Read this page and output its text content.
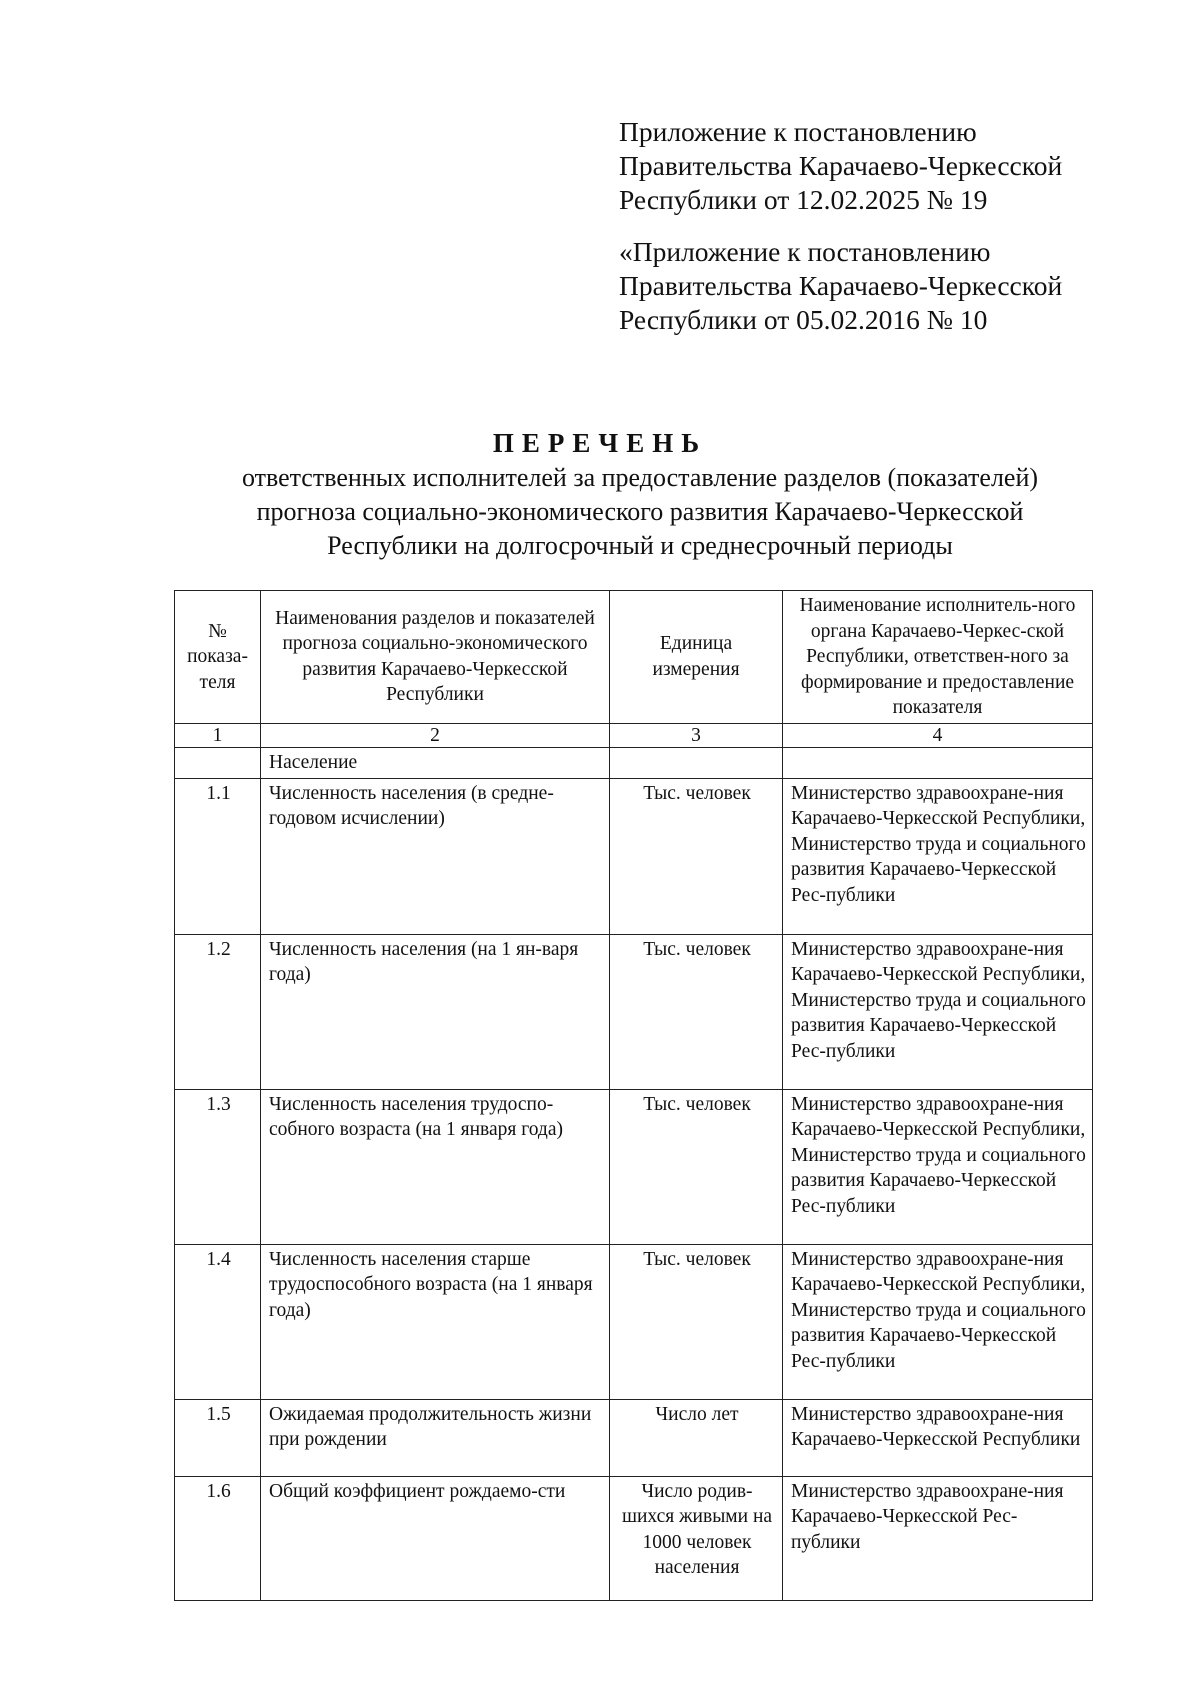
Приложение к постановлению
Правительства Карачаево-Черкесской
Республики от 12.02.2025 № 19
«Приложение к постановлению
Правительства Карачаево-Черкесской
Республики от 05.02.2016 № 10
ПЕРЕЧЕНЬ
ответственных исполнителей за предоставление разделов (показателей)
прогноза социально-экономического развития Карачаево-Черкесской
Республики на долгосрочный и среднесрочный периоды
№ показа-теля	Наименования разделов и показателей прогноза социально-экономического развития Карачаево-Черкесской Республики	Единица измерения	Наименование исполнитель-ного органа Карачаево-Черкес-ской Республики, ответствен-ного за формирование и предоставление показателя
1	2	3	4
	Население		
1.1	Численность населения (в средне-годовом исчислении)	Тыс. человек	Министерство здравоохране-ния Карачаево-Черкесской Республики, Министерство труда и социального развития Карачаево-Черкесской Рес-публики
1.2	Численность населения (на 1 ян-варя года)	Тыс. человек	Министерство здравоохране-ния Карачаево-Черкесской Республики, Министерство труда и социального развития Карачаево-Черкесской Рес-публики
1.3	Численность населения трудоспо-собного возраста (на 1 января года)	Тыс. человек	Министерство здравоохране-ния Карачаево-Черкесской Республики, Министерство труда и социального развития Карачаево-Черкесской Рес-публики
1.4	Численность населения старше трудоспособного возраста (на 1 января года)	Тыс. человек	Министерство здравоохране-ния Карачаево-Черкесской Республики, Министерство труда и социального развития Карачаево-Черкесской Рес-публики
1.5	Ожидаемая продолжительность жизни при рождении	Число лет	Министерство здравоохране-ния Карачаево-Черкесской Республики
1.6	Общий коэффициент рождаемо-сти	Число родив-шихся живыми на 1000 человек населения	Министерство здравоохране-ния Карачаево-Черкесской Рес-публики
